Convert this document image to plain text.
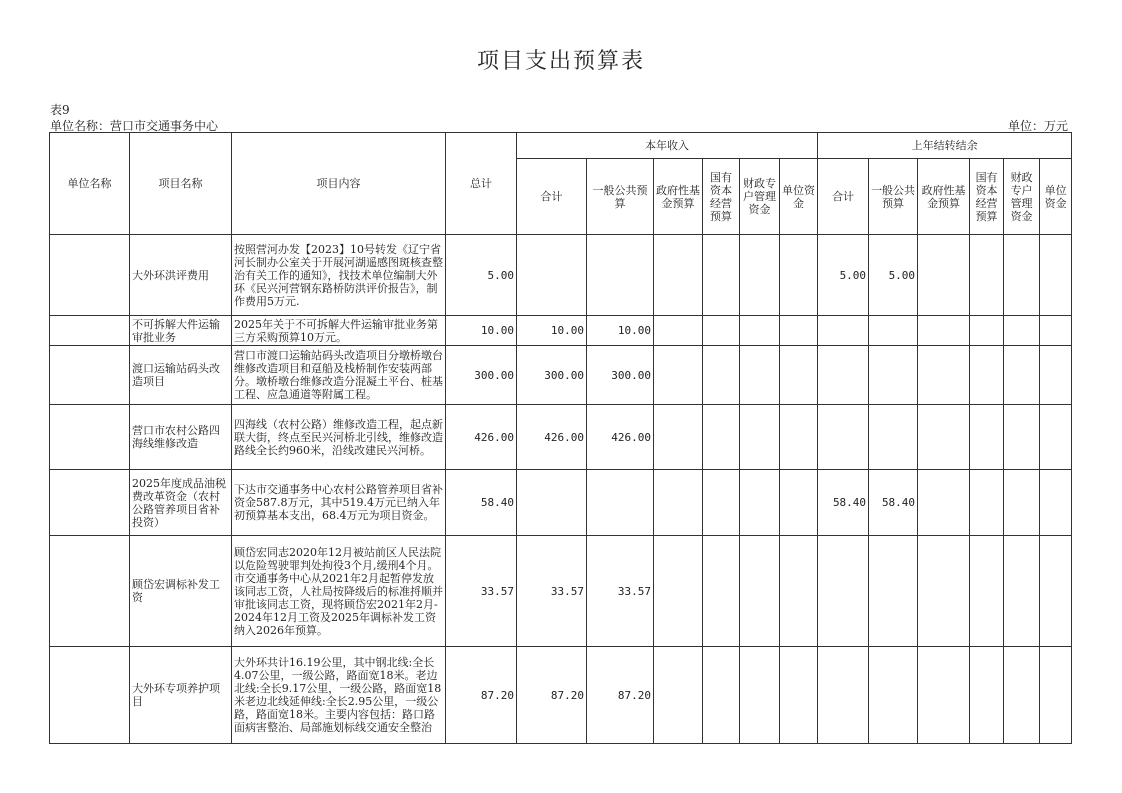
项目支出预算表
表9
单位名称：营口市交通事务中心	单位：万元
单位名称	项目名称	项目内容	总计	本年收入						上年结转结余					
				合计	一般公共预算	政府性基金预算	国有资本经营预算	财政专户管理资金	单位资金	合计	一般公共预算	政府性基金预算	国有资本经营预算	财政专户管理资金	单位资金
	大外环洪评费用	按照营河办发【2023】10号转发《辽宁省河长制办公室关于开展河湖遥感图斑核查整治有关工作的通知》，找技术单位编制大外环《民兴河营钢东路桥防洪评价报告》，制作费用5万元.	5.00							5.00	5.00				
	不可拆解大件运输审批业务	2025年关于不可拆解大件运输审批业务第三方采购预算10万元。	10.00	10.00	10.00										
	渡口运输站码头改造项目	营口市渡口运输站码头改造项目分墩桥墩台维修改造项目和趸船及栈桥制作安装两部分。墩桥墩台维修改造分混凝土平台、桩基工程、应急通道等附属工程。	300.00	300.00	300.00										
	营口市农村公路四海线维修改造	四海线（农村公路）维修改造工程，起点新联大街，终点至民兴河桥北引线，维修改造路线全长约960米，沿线改建民兴河桥。	426.00	426.00	426.00										
	2025年度成品油税费改革资金（农村公路管养项目省补投资）	下达市交通事务中心农村公路管养项目省补资金587.8万元，其中519.4万元已纳入年初预算基本支出，68.4万元为项目资金。	58.40							58.40	58.40				
	顾岱宏调标补发工资	顾岱宏同志2020年12月被站前区人民法院以危险驾驶罪判处拘役3个月,缓刑4个月。市交通事务中心从2021年2月起暂停发放该同志工资，人社局按降级后的标准捋顺并审批该同志工资，现将顾岱宏2021年2月-2024年12月工资及2025年调标补发工资纳入2026年预算。	33.57	33.57	33.57										
	大外环专项养护项目	大外环共计16.19公里，其中钢北线:全长4.07公里，一级公路，路面宽18米。老边北线:全长9.17公里，一级公路，路面宽18米老边北线延伸线:全长2.95公里，一级公路，路面宽18米。主要内容包括：路口路面病害整治、局部施划标线交通安全整治	87.20	87.20	87.20										
